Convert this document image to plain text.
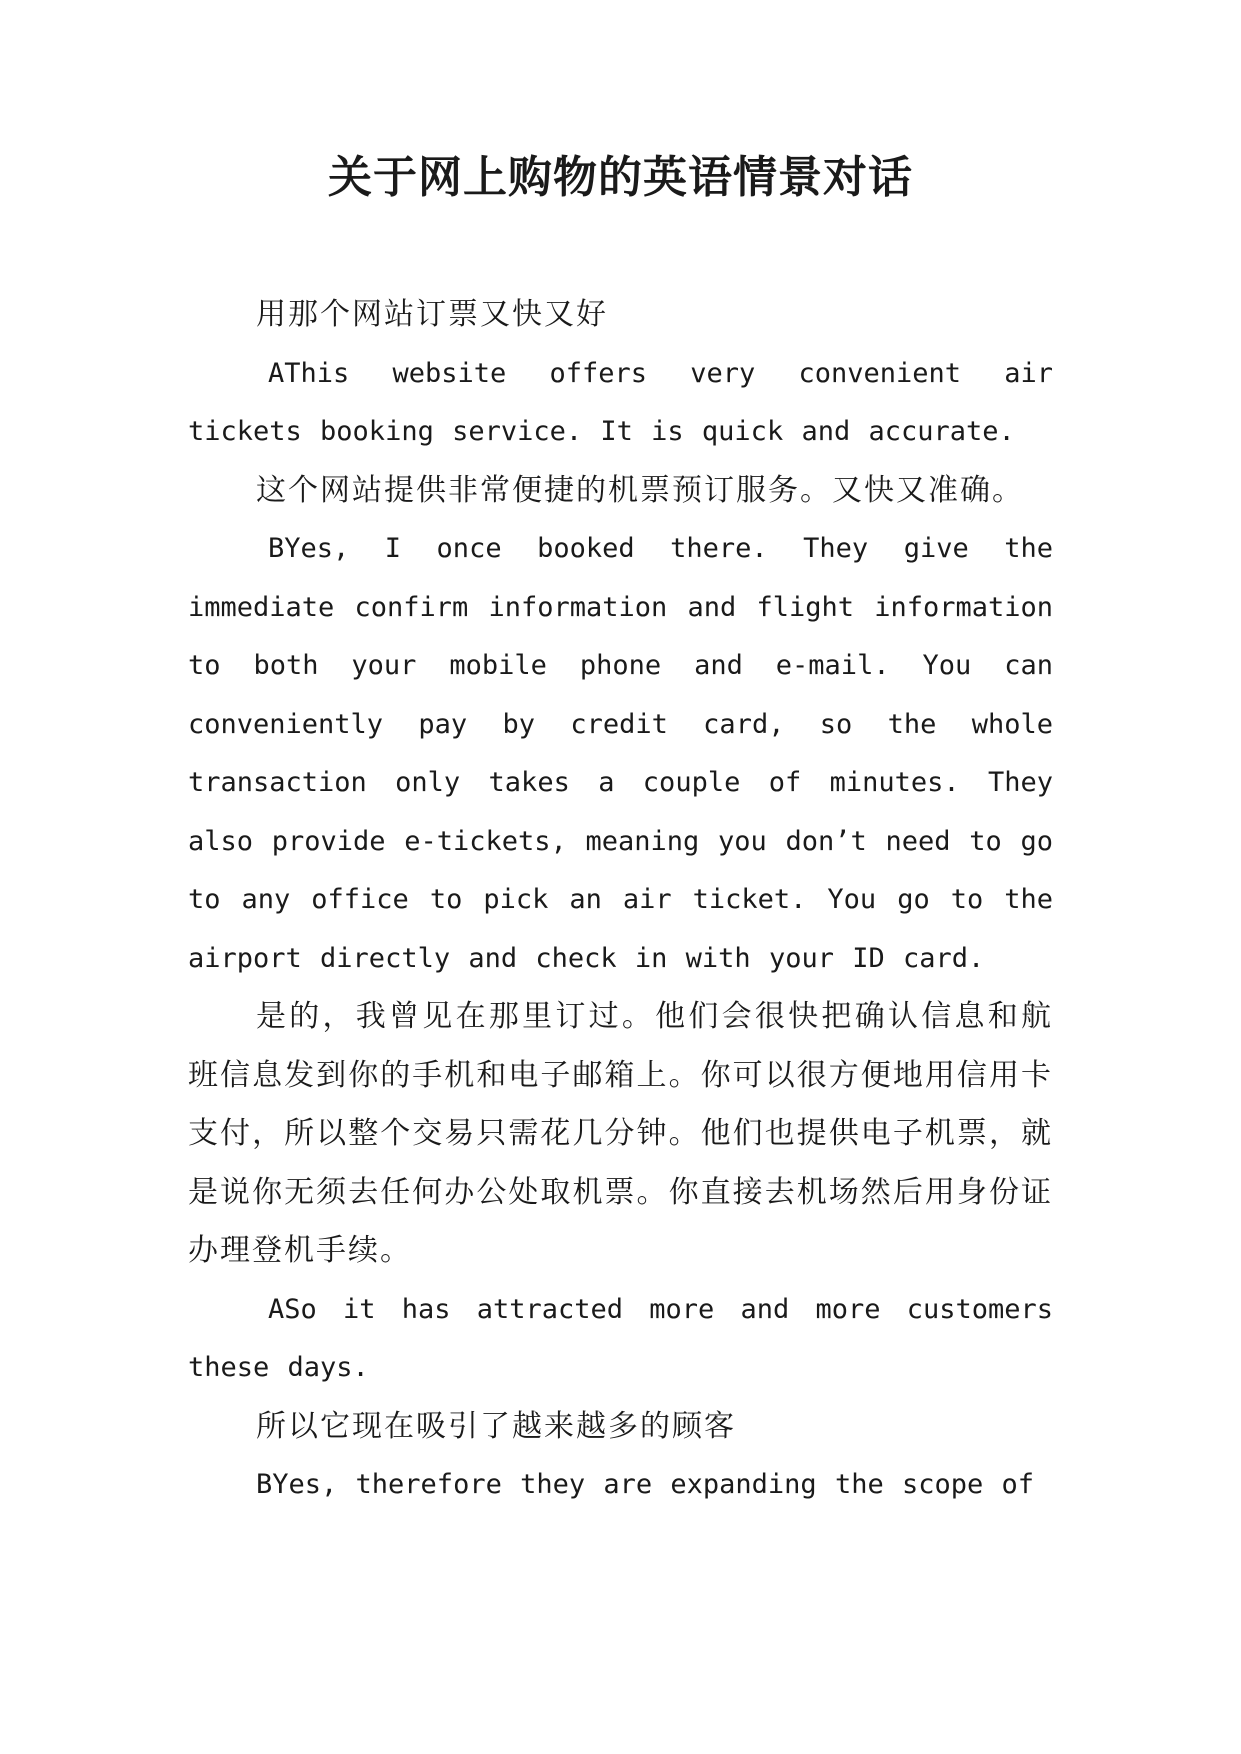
关于网上购物的英语情景对话

用那个网站订票又快又好

AThis website offers very convenient air tickets booking service. It is quick and accurate.

这个网站提供非常便捷的机票预订服务。又快又准确。

BYes, I once booked there. They give the immediate confirm information and flight information to both your mobile phone and e-mail. You can conveniently pay by credit card, so the whole transaction only takes a couple of minutes. They also provide e-tickets, meaning you don’t need to go to any office to pick an air ticket. You go to the airport directly and check in with your ID card.

是的，我曾见在那里订过。他们会很快把确认信息和航班信息发到你的手机和电子邮箱上。你可以很方便地用信用卡支付，所以整个交易只需花几分钟。他们也提供电子机票，就是说你无须去任何办公处取机票。你直接去机场然后用身份证办理登机手续。

ASo it has attracted more and more customers these days.

所以它现在吸引了越来越多的顾客

BYes, therefore they are expanding the scope of
